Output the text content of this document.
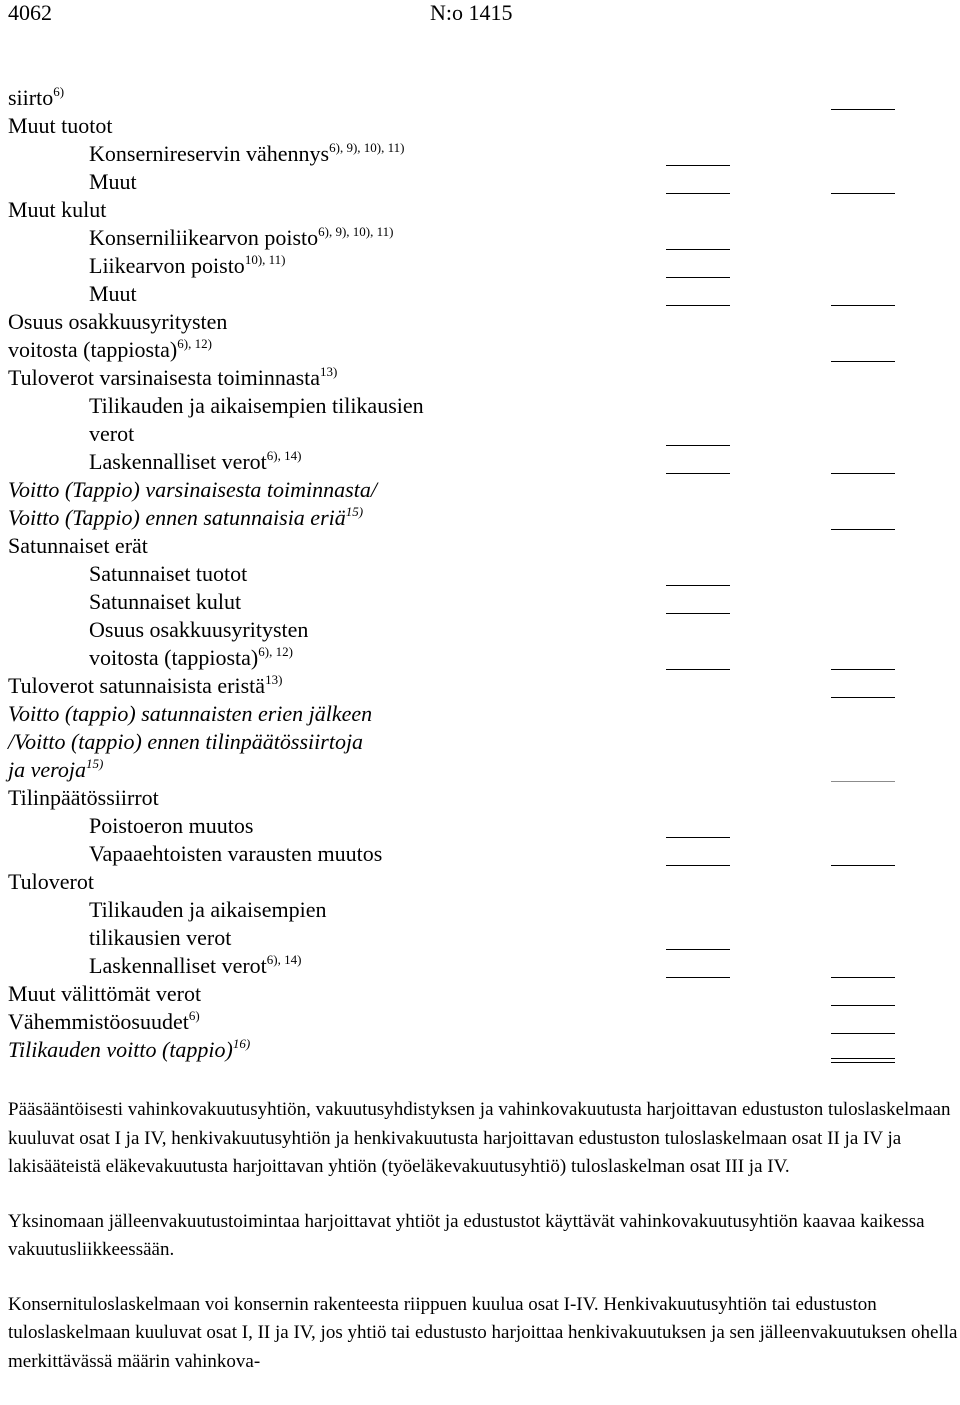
4062	N:o 1415
siirto$^{6)}$
Muut tuotot
Konsernireservin vähennys$^{6), 9), 10), 11)}$
Muut
Muut kulut
Konserniliikearvon poisto$^{6), 9), 10), 11)}$
Liikearvon poisto$^{10), 11)}$
Muut
Osuus osakkuusyritysten
voitosta (tappiosta)$^{6), 12)}$
Tuloverot varsinaisesta toiminnasta$^{13)}$
Tilikauden ja aikaisempien tilikausien
verot
Laskennalliset verot$^{6), 14)}$
Voitto (Tappio) varsinaisesta toiminnasta/
Voitto (Tappio) ennen satunnaisia eriä$^{15)}$
Satunnaiset erät
Satunnaiset tuotot
Satunnaiset kulut
Osuus osakkuusyritysten
voitosta (tappiosta)$^{6), 12)}$
Tuloverot satunnaisista eristä$^{13)}$
Voitto (tappio) satunnaisten erien jälkeen
/Voitto (tappio) ennen tilinpäätössiirtoja
ja veroja$^{15)}$
Tilinpäätössiirrot
Poistoeron muutos
Vapaaehtoisten varausten muutos
Tuloverot
Tilikauden ja aikaisempien
tilikausien verot
Laskennalliset verot$^{6), 14)}$
Muut välittömät verot
Vähemmistöosuudet$^{6)}$
Tilikauden voitto (tappio)$^{16)}$

Pääsääntöisesti vahinkovakuutusyhtiön, vakuutusyhdistyksen ja vahinkovakuutusta harjoittavan edustuston tuloslaskelmaan kuuluvat osat I ja IV, henkivakuutusyhtiön ja henkivakuutusta harjoittavan edustuston tuloslaskelmaan osat II ja IV ja lakisääteistä eläkevakuutusta harjoittavan yhtiön (työeläkevakuutusyhtiö) tuloslaskelman osat III ja IV.

Yksinomaan jälleenvakuutustoimintaa harjoittavat yhtiöt ja edustustot käyttävät vahinkovakuutusyhtiön kaavaa kaikessa vakuutusliikkeessään.

Konsernituloslaskelmaan voi konsernin rakenteesta riippuen kuulua osat I-IV. Henkivakuutusyhtiön tai edustuston tuloslaskelmaan kuuluvat osat I, II ja IV, jos yhtiö tai edustusto harjoittaa henkivakuutuksen ja sen jälleenvakuutuksen ohella merkittävässä määrin vahinkova-
